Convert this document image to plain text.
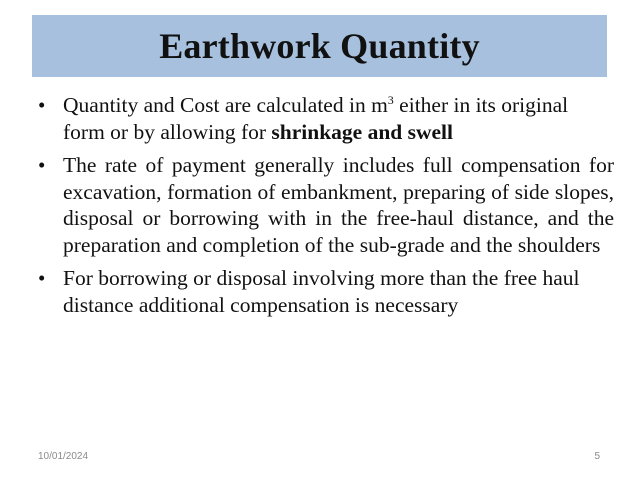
Earthwork Quantity
• Quantity and Cost are calculated in $m^3$ either in its original form or by allowing for shrinkage and swell
• The rate of payment generally includes full compensation for excavation, formation of embankment, preparing of side slopes, disposal or borrowing with in the free-haul distance, and the preparation and completion of the sub-grade and the shoulders
• For borrowing or disposal involving more than the free haul distance additional compensation is necessary
10/01/2024	5
